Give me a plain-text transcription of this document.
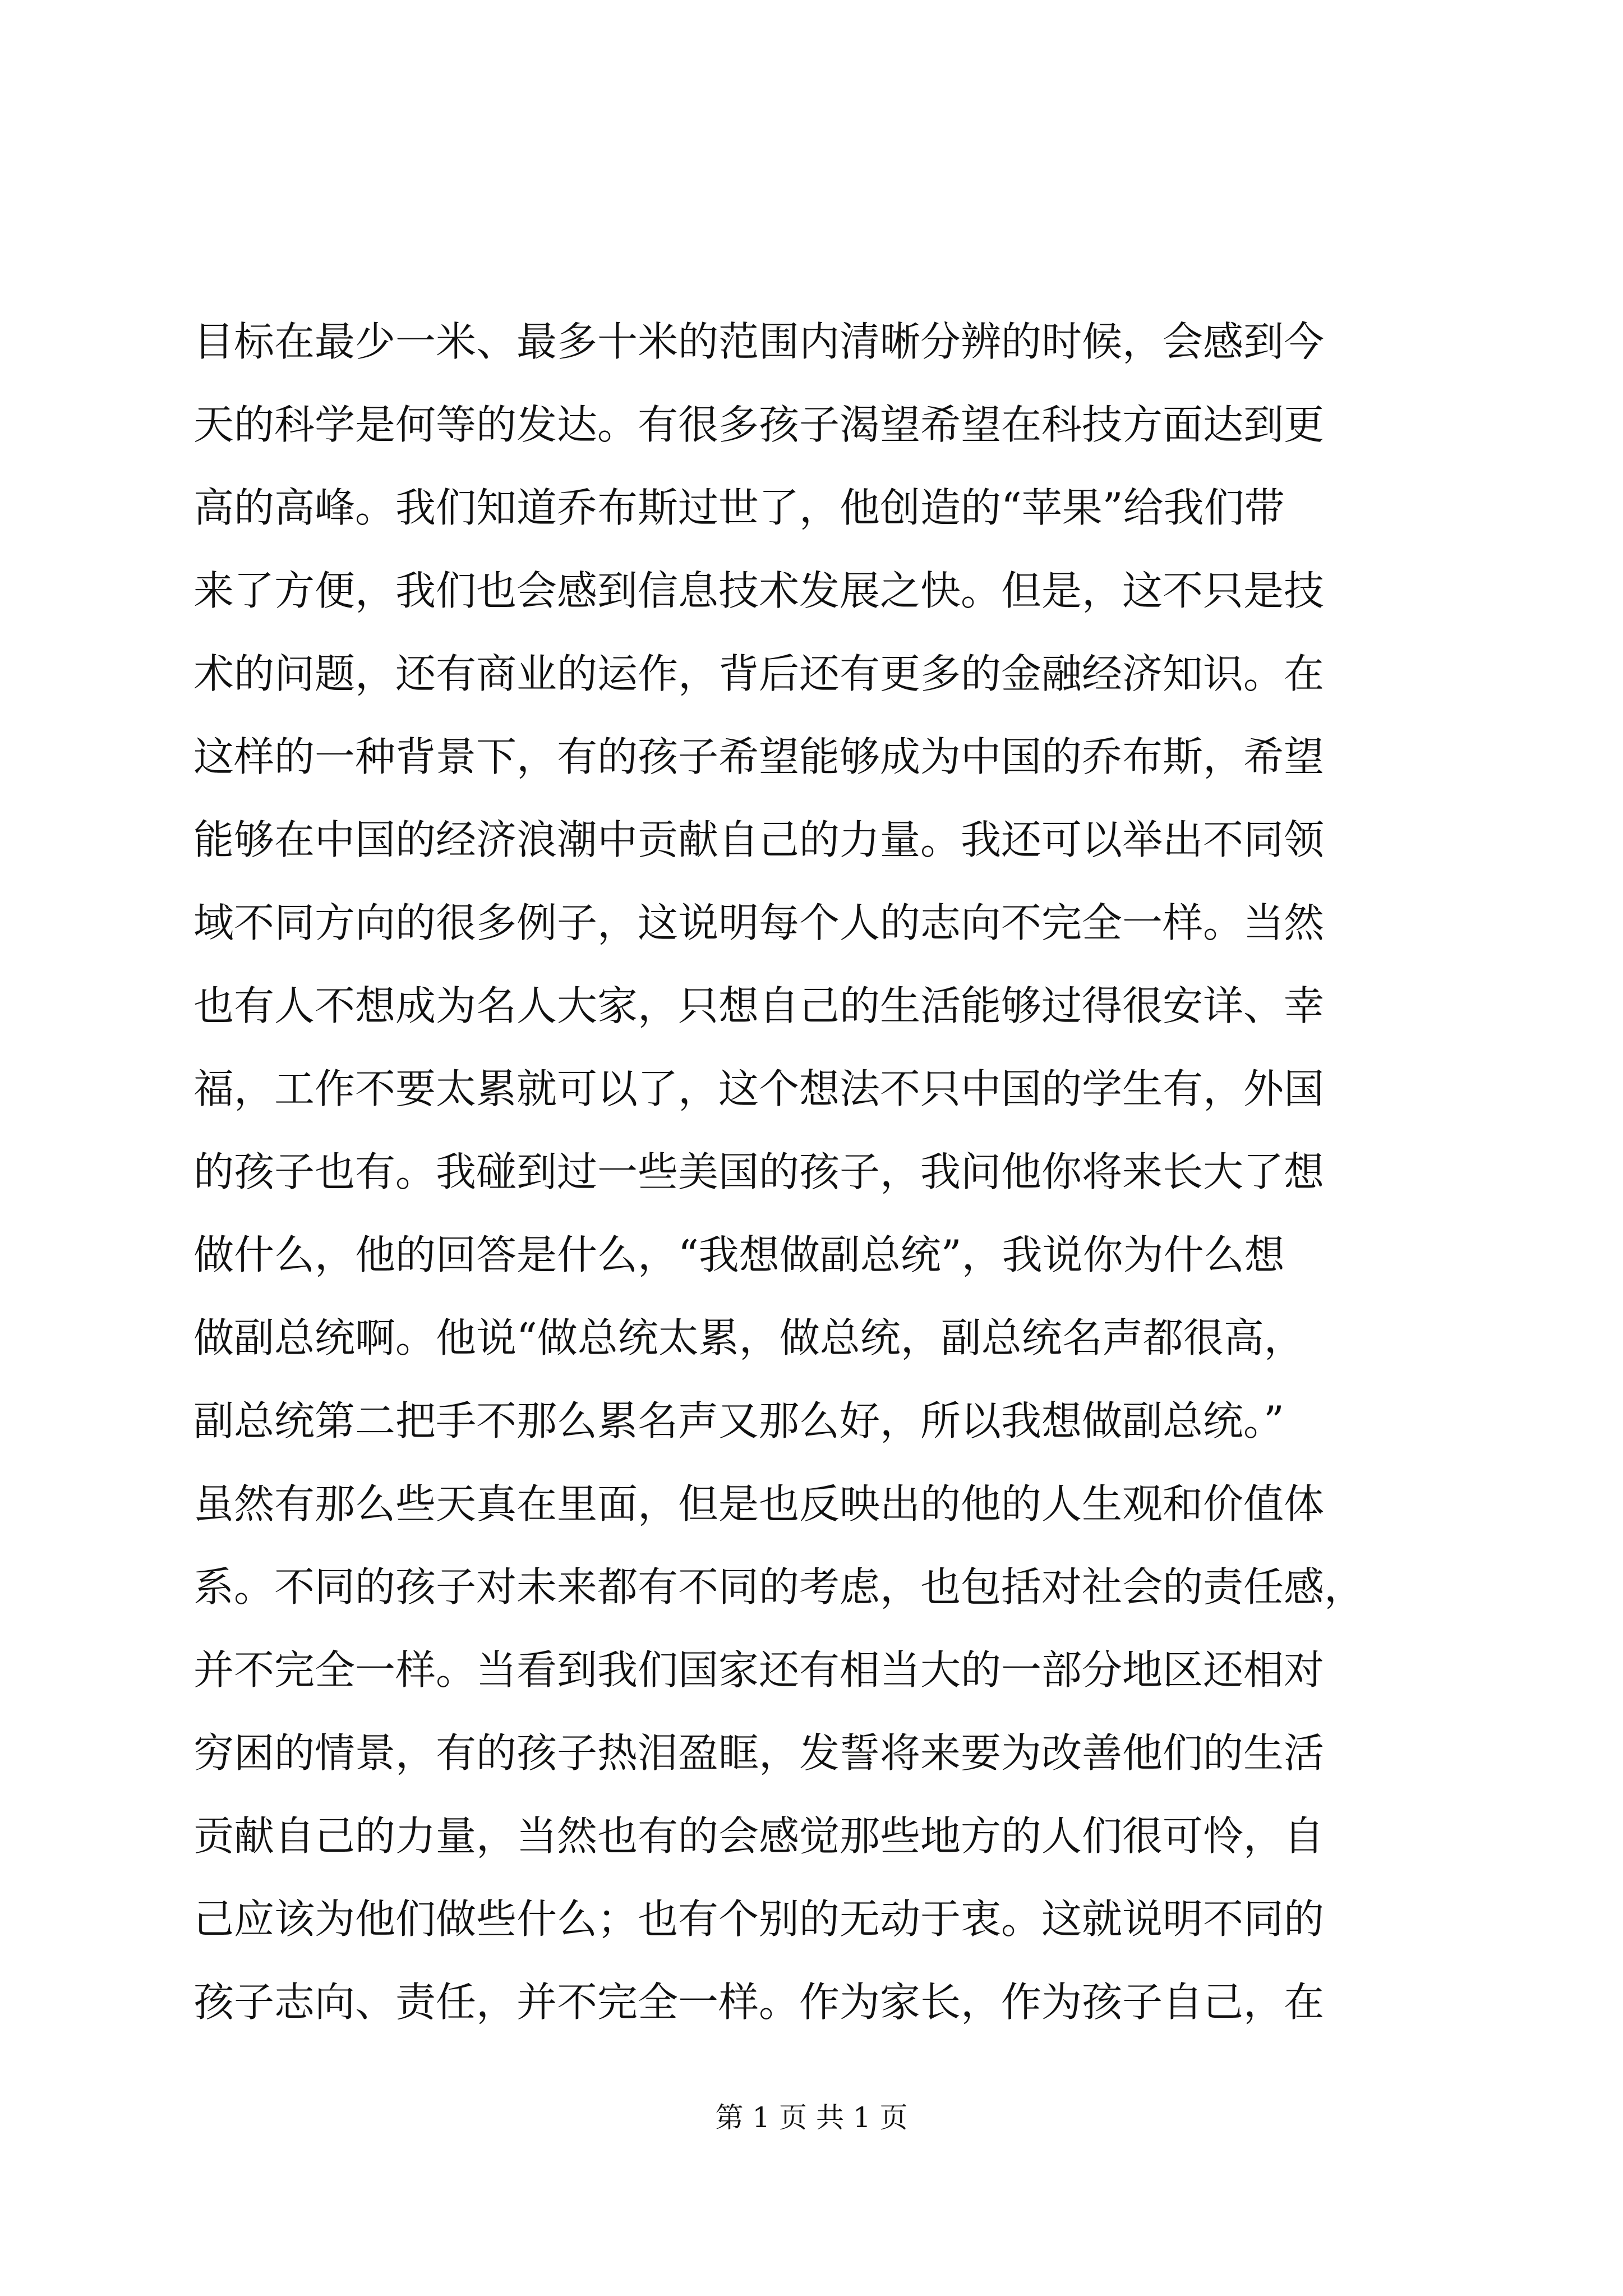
目标在最少一米、最多十米的范围内清晰分辨的时候，会感到今
天的科学是何等的发达。有很多孩子渴望希望在科技方面达到更
高的高峰。我们知道乔布斯过世了，他创造的“苹果”给我们带
来了方便，我们也会感到信息技术发展之快。但是，这不只是技
术的问题，还有商业的运作，背后还有更多的金融经济知识。在
这样的一种背景下，有的孩子希望能够成为中国的乔布斯，希望
能够在中国的经济浪潮中贡献自己的力量。我还可以举出不同领
域不同方向的很多例子，这说明每个人的志向不完全一样。当然
也有人不想成为名人大家，只想自己的生活能够过得很安详、幸
福，工作不要太累就可以了，这个想法不只中国的学生有，外国
的孩子也有。我碰到过一些美国的孩子，我问他你将来长大了想
做什么，他的回答是什么，“我想做副总统”，我说你为什么想
做副总统啊。他说“做总统太累，做总统，副总统名声都很高，
副总统第二把手不那么累名声又那么好，所以我想做副总统。”
虽然有那么些天真在里面，但是也反映出的他的人生观和价值体
系。不同的孩子对未来都有不同的考虑，也包括对社会的责任感，
并不完全一样。当看到我们国家还有相当大的一部分地区还相对
穷困的情景，有的孩子热泪盈眶，发誓将来要为改善他们的生活
贡献自己的力量，当然也有的会感觉那些地方的人们很可怜，自
己应该为他们做些什么；也有个别的无动于衷。这就说明不同的
孩子志向、责任，并不完全一样。作为家长，作为孩子自己，在
第 1 页 共 1 页
